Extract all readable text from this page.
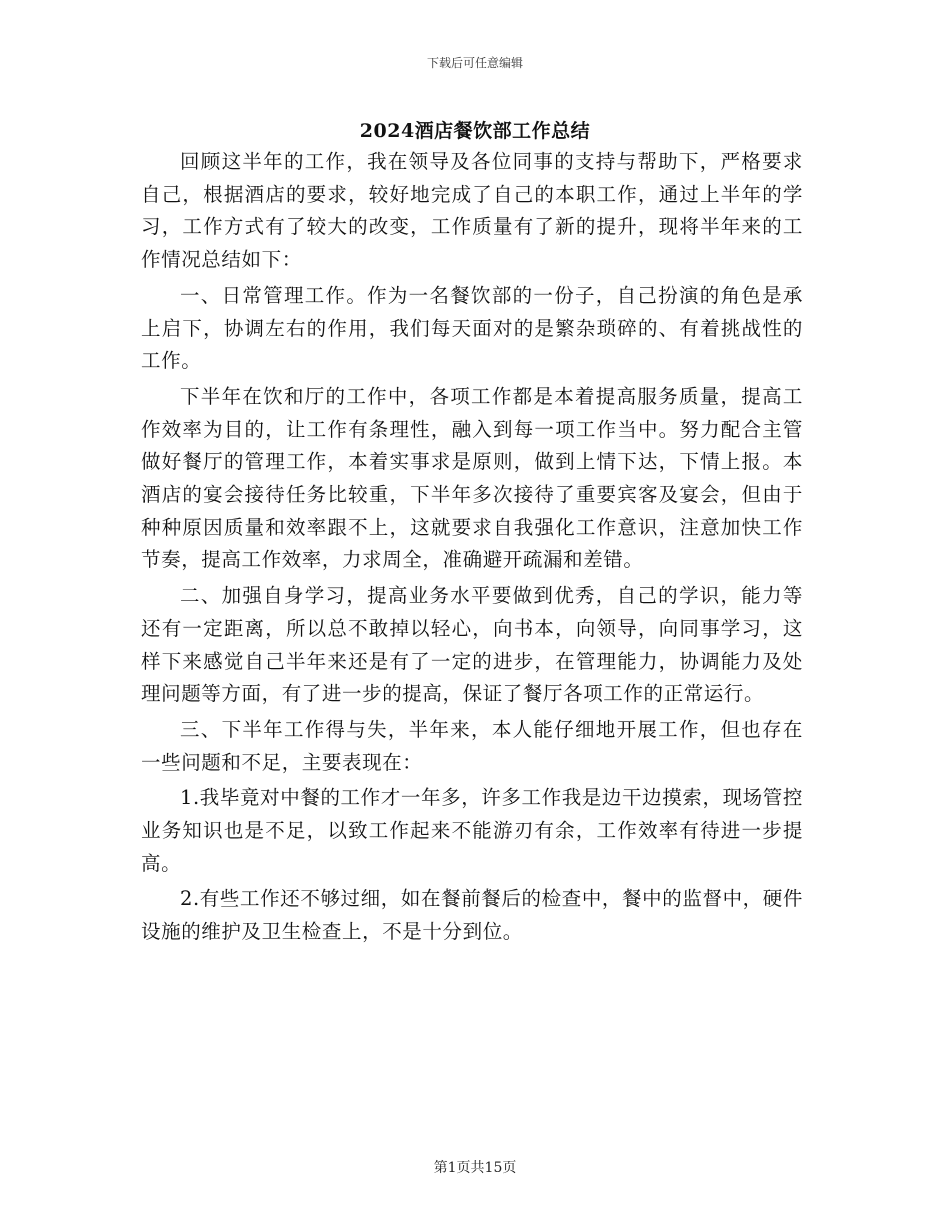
下载后可任意编辑
2024酒店餐饮部工作总结

回顾这半年的工作，我在领导及各位同事的支持与帮助下，严格要求自己，根据酒店的要求，较好地完成了自己的本职工作，通过上半年的学习，工作方式有了较大的改变，工作质量有了新的提升，现将半年来的工作情况总结如下：

一、日常管理工作。作为一名餐饮部的一份子，自己扮演的角色是承上启下，协调左右的作用，我们每天面对的是繁杂琐碎的、有着挑战性的工作。

下半年在饮和厅的工作中，各项工作都是本着提高服务质量，提高工作效率为目的，让工作有条理性，融入到每一项工作当中。努力配合主管做好餐厅的管理工作，本着实事求是原则，做到上情下达，下情上报。本酒店的宴会接待任务比较重，下半年多次接待了重要宾客及宴会，但由于种种原因质量和效率跟不上，这就要求自我强化工作意识，注意加快工作节奏，提高工作效率，力求周全，准确避开疏漏和差错。

二、加强自身学习，提高业务水平要做到优秀，自己的学识，能力等还有一定距离，所以总不敢掉以轻心，向书本，向领导，向同事学习，这样下来感觉自己半年来还是有了一定的进步，在管理能力，协调能力及处理问题等方面，有了进一步的提高，保证了餐厅各项工作的正常运行。

三、下半年工作得与失，半年来，本人能仔细地开展工作，但也存在一些问题和不足，主要表现在：

1.我毕竟对中餐的工作才一年多，许多工作我是边干边摸索，现场管控业务知识也是不足，以致工作起来不能游刃有余，工作效率有待进一步提高。

2.有些工作还不够过细，如在餐前餐后的检查中，餐中的监督中，硬件设施的维护及卫生检查上，不是十分到位。

第1页共15页
